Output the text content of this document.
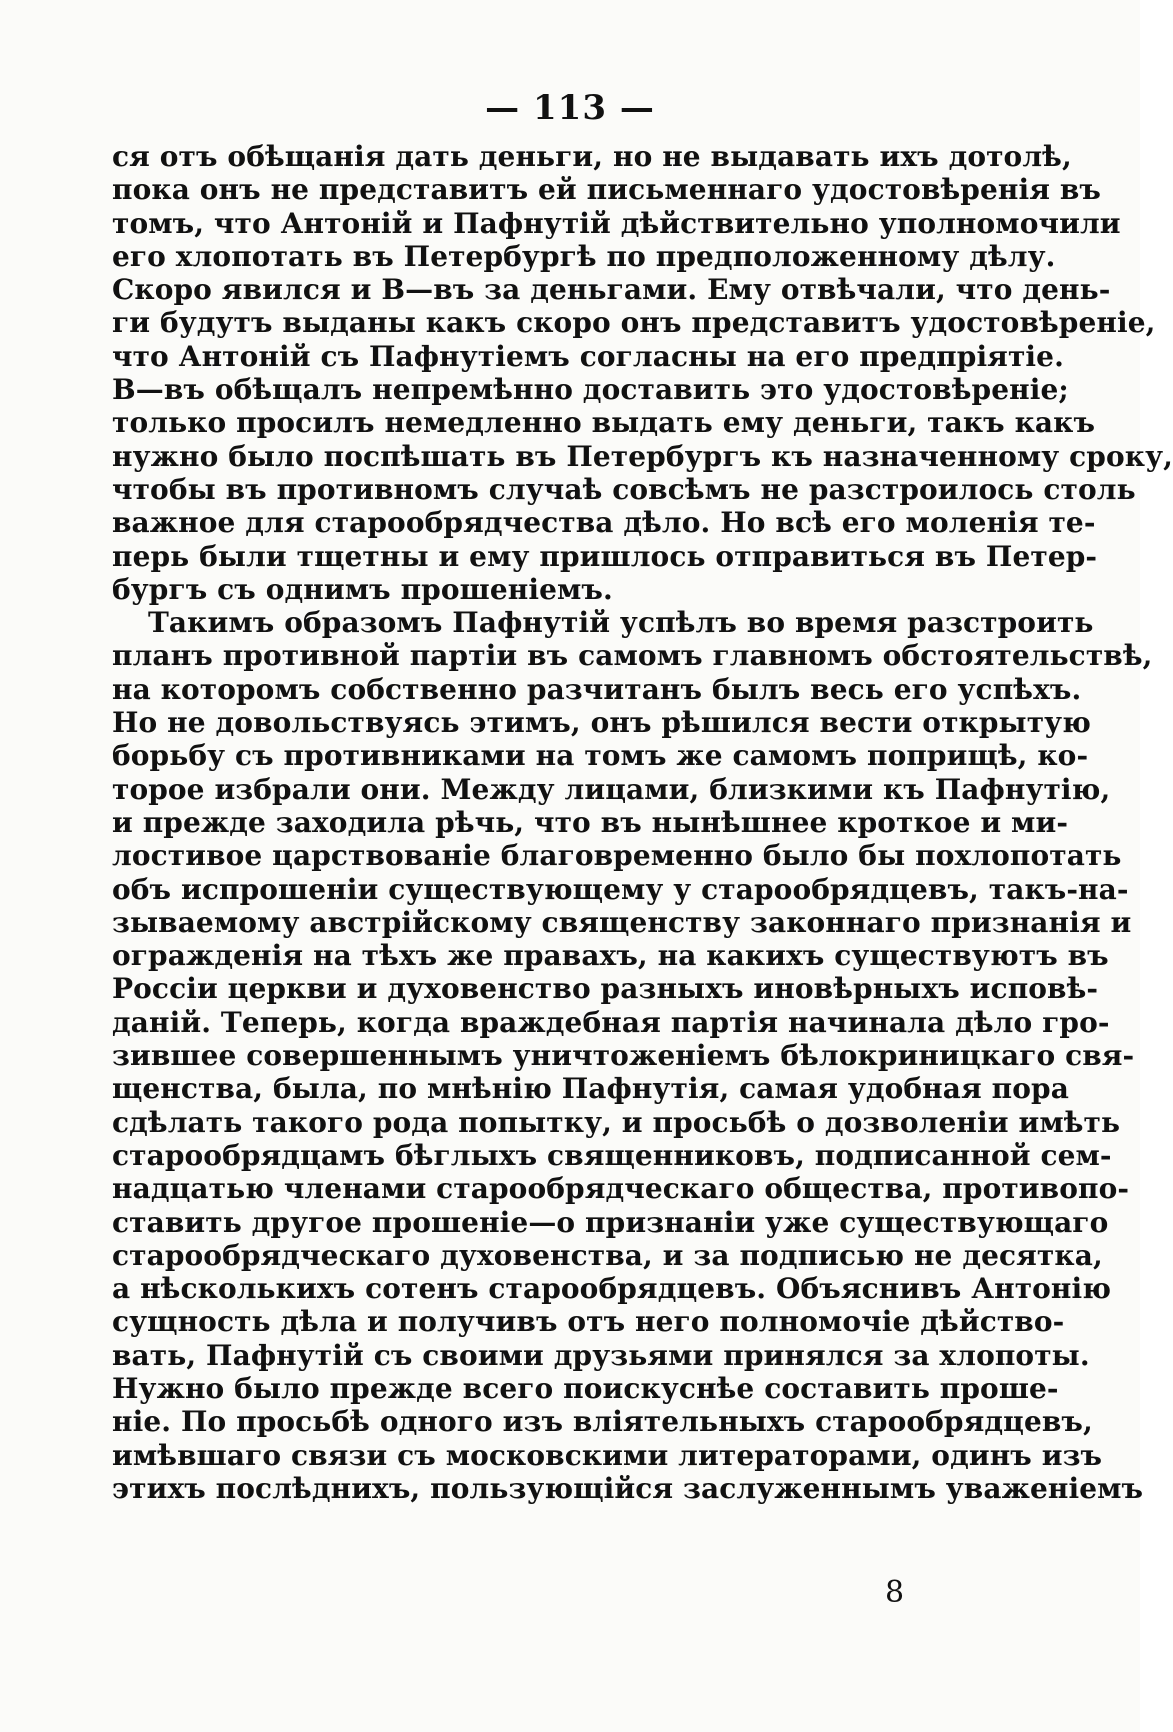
— 113 —
ся отъ обѣщанія дать деньги, но не выдавать ихъ дотолѣ,
пока онъ не представитъ ей письменнаго удостовѣренія въ
томъ, что Антоній и Пафнутій дѣйствительно уполномочили
его хлопотать въ Петербургѣ по предположенному дѣлу.
Скоро явился и В—въ за деньгами. Ему отвѣчали, что день-
ги будутъ выданы какъ скоро онъ представитъ удостовѣреніе,
что Антоній съ Пафнутіемъ согласны на его предпріятіе.
В—въ обѣщалъ непремѣнно доставить это удостовѣреніе;
только просилъ немедленно выдать ему деньги, такъ какъ
нужно было поспѣшать въ Петербургъ къ назначенному сроку,
чтобы въ противномъ случаѣ совсѣмъ не разстроилось столь
важное для старообрядчества дѣло. Но всѣ его моленія те-
перь были тщетны и ему пришлось отправиться въ Петер-
бургъ съ однимъ прошеніемъ.
Такимъ образомъ Пафнутій успѣлъ во время разстроить
планъ противной партіи въ самомъ главномъ обстоятельствѣ,
на которомъ собственно разчитанъ былъ весь его успѣхъ.
Но не довольствуясь этимъ, онъ рѣшился вести открытую
борьбу съ противниками на томъ же самомъ поприщѣ, ко-
торое избрали они. Между лицами, близкими къ Пафнутію,
и прежде заходила рѣчь, что въ нынѣшнее кроткое и ми-
лостивое царствованіе благовременно было бы похлопотать
объ испрошеніи существующему у старообрядцевъ, такъ-на-
зываемому австрійскому священству законнаго признанія и
огражденія на тѣхъ же правахъ, на какихъ существуютъ въ
Россіи церкви и духовенство разныхъ иновѣрныхъ исповѣ-
даній. Теперь, когда враждебная партія начинала дѣло гро-
зившее совершеннымъ уничтоженіемъ бѣлокриницкаго свя-
щенства, была, по мнѣнію Пафнутія, самая удобная пора
сдѣлать такого рода попытку, и просьбѣ о дозволеніи имѣть
старообрядцамъ бѣглыхъ священниковъ, подписанной сем-
надцатью членами старообрядческаго общества, противопо-
ставить другое прошеніе—о признаніи уже существующаго
старообрядческаго духовенства, и за подписью не десятка,
а нѣсколькихъ сотенъ старообрядцевъ. Объяснивъ Антонію
сущность дѣла и получивъ отъ него полномочіе дѣйство-
вать, Пафнутій съ своими друзьями принялся за хлопоты.
Нужно было прежде всего поискуснѣе составить проше-
ніе. По просьбѣ одного изъ вліятельныхъ старообрядцевъ,
имѣвшаго связи съ московскими литераторами, одинъ изъ
этихъ послѣднихъ, пользующійся заслуженнымъ уваженіемъ
8
